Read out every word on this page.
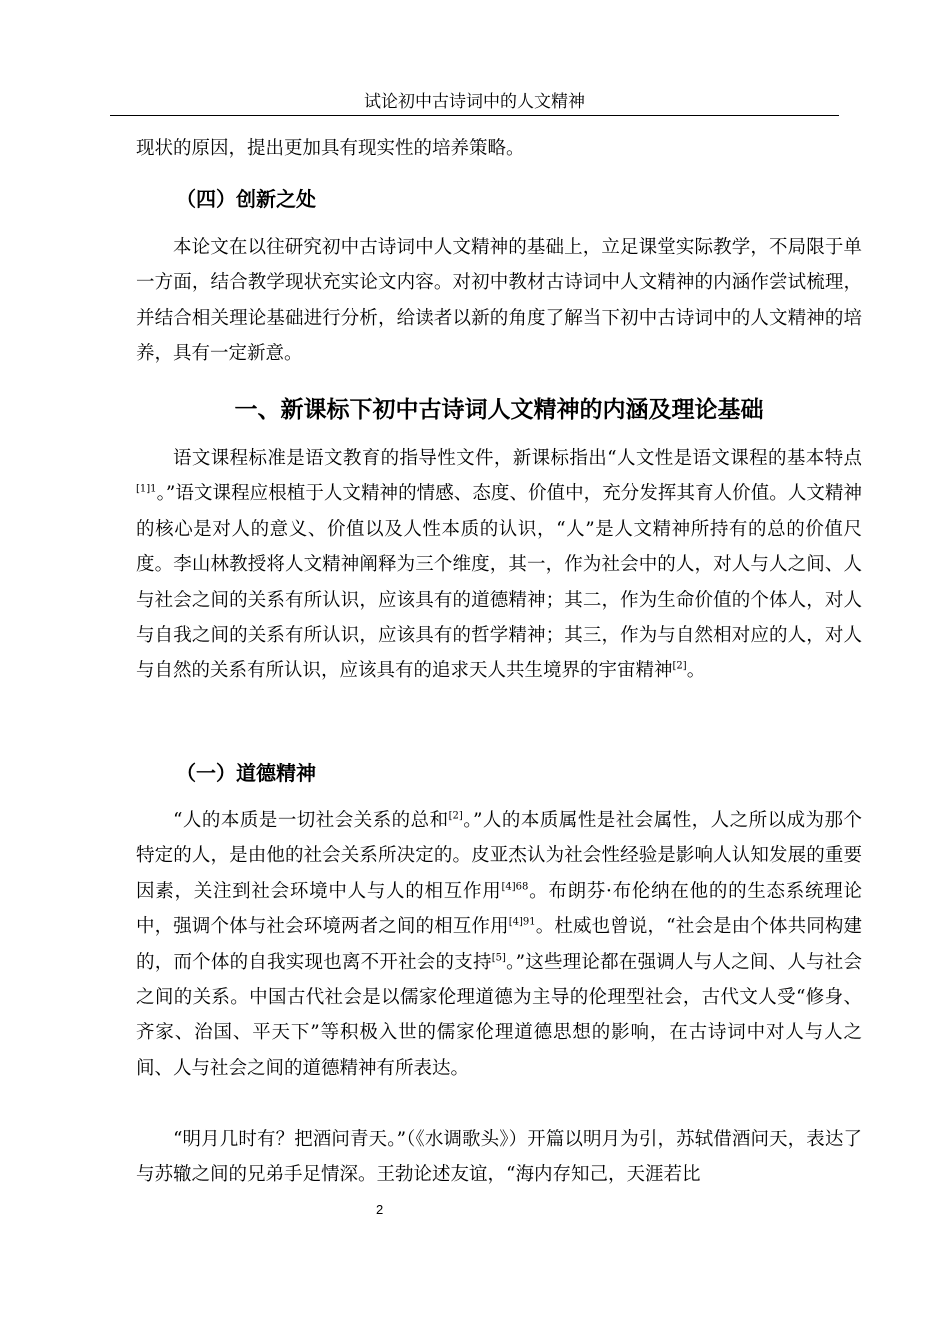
试论初中古诗词中的人文精神

现状的原因，提出更加具有现实性的培养策略。

（四）创新之处

本论文在以往研究初中古诗词中人文精神的基础上，立足课堂实际教学，不局限于单一方面，结合教学现状充实论文内容。对初中教材古诗词中人文精神的内涵作尝试梳理，并结合相关理论基础进行分析，给读者以新的角度了解当下初中古诗词中的人文精神的培养，具有一定新意。

一、新课标下初中古诗词人文精神的内涵及理论基础

语文课程标准是语文教育的指导性文件，新课标指出“人文性是语文课程的基本特点$^{[1]1}$。”语文课程应根植于人文精神的情感、态度、价值中，充分发挥其育人价值。人文精神的核心是对人的意义、价值以及人性本质的认识，“人”是人文精神所持有的总的价值尺度。李山林教授将人文精神阐释为三个维度，其一，作为社会中的人，对人与人之间、人与社会之间的关系有所认识，应该具有的道德精神；其二，作为生命价值的个体人，对人与自我之间的关系有所认识，应该具有的哲学精神；其三，作为与自然相对应的人，对人与自然的关系有所认识，应该具有的追求天人共生境界的宇宙精神[2]。

（一）道德精神

“人的本质是一切社会关系的总和[2]。”人的本质属性是社会属性，人之所以成为那个特定的人，是由他的社会关系所决定的。皮亚杰认为社会性经验是影响人认知发展的重要因素，关注到社会环境中人与人的相互作用$^{[4]68}$。布朗芬·布伦纳在他的的生态系统理论中，强调个体与社会环境两者之间的相互作用$^{[4]91}$。杜威也曾说，“社会是由个体共同构建的，而个体的自我实现也离不开社会的支持[5]。”这些理论都在强调人与人之间、人与社会之间的关系。中国古代社会是以儒家伦理道德为主导的伦理型社会，古代文人受“修身、齐家、治国、平天下”等积极入世的儒家伦理道德思想的影响，在古诗词中对人与人之间、人与社会之间的道德精神有所表达。

“明月几时有？把酒问青天。”（《水调歌头》）开篇以明月为引，苏轼借酒问天，表达了与苏辙之间的兄弟手足情深。王勃论述友谊，“海内存知己，天涯若比

2
